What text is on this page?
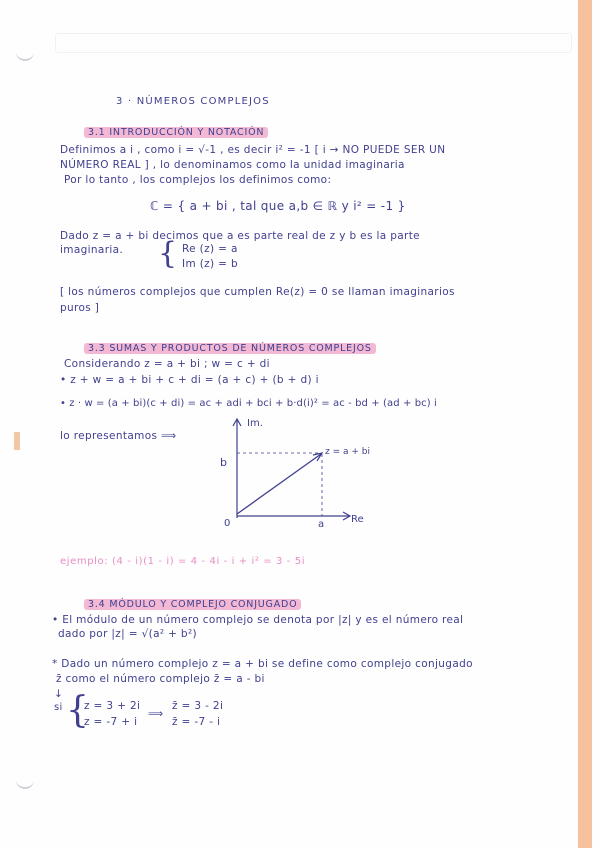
3 · NÚMEROS COMPLEJOS
3.1 INTRODUCCIÓN Y NOTACIÓN
Definimos a i , como i = √-1 , es decir i² = -1 [ i → NO PUEDE SER UN
NÚMERO REAL ] , lo denominamos como la unidad imaginaria
Por lo tanto , los complejos los definimos como:
ℂ = { a + bi , tal que a,b ∈ ℝ y i² = -1 }
Dado z = a + bi decimos que a es parte real de z y b es la parte
imaginaria. { Re (z) = a
Im (z) = b
[ los números complejos que cumplen Re(z) = 0 se llaman imaginarios
puros ]
3.3 SUMAS Y PRODUCTOS DE NÚMEROS COMPLEJOS
Considerando z = a + bi ; w = c + di
• z + w = a + bi + c + di = (a + c) + (b + d) i
• z · w = (a + bi)(c + di) = ac + adi + bci + b·d(i)² = ac - bd + (ad + bc) i
lo representamos ⟹
Im.
Re
0	a
b
z = a + bi
ejemplo: (4 - i)(1 - i) = 4 - 4i - i + i² = 3 - 5i
3.4 MÓDULO Y COMPLEJO CONJUGADO
• El módulo de un número complejo se denota por |z| y es el número real
dado por |z| = √(a² + b²)
* Dado un número complejo z = a + bi se define como complejo conjugado
z̄ como el número complejo z̄ = a - bi
↓
si {
z = 3 + 2i
⟹
z̄ = 3 - 2i
z = -7 + i	z̄ = -7 - i
